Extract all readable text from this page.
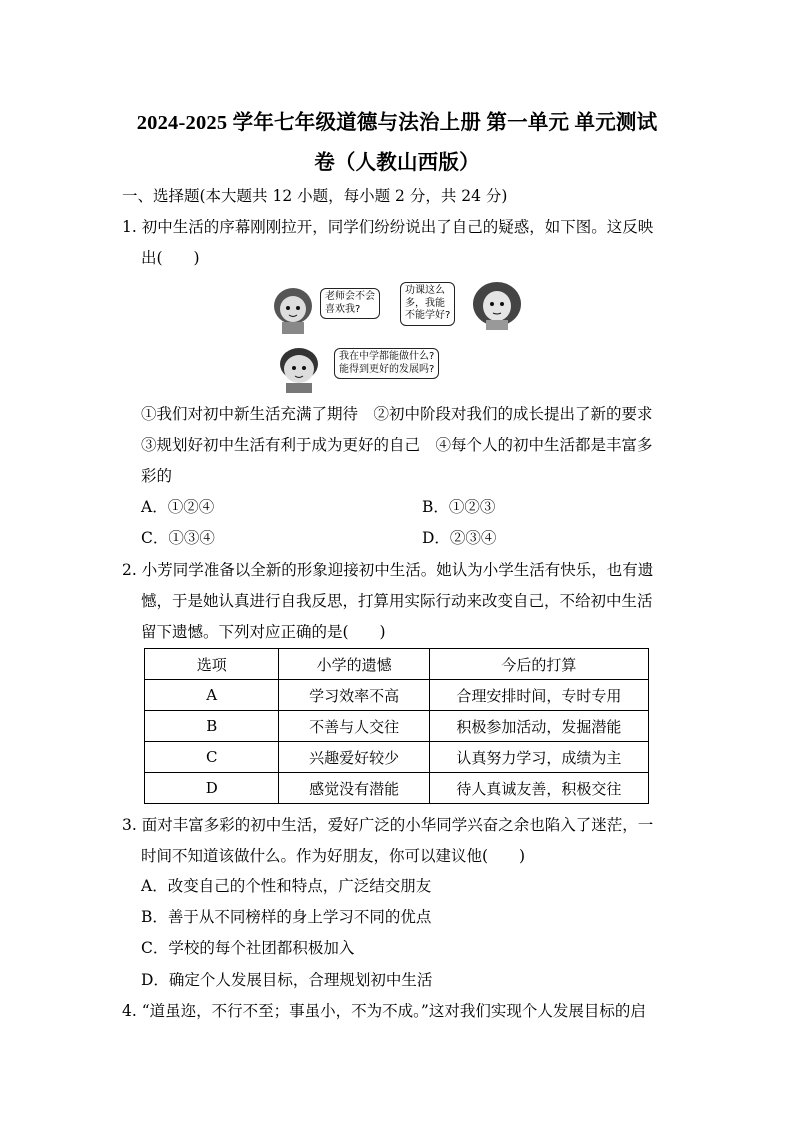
2024-2025 学年七年级道德与法治上册 第一单元 单元测试
卷（人教山西版）
一、选择题(本大题共 12 小题，每小题 2 分，共 24 分)
1. 初中生活的序幕刚刚拉开，同学们纷纷说出了自己的疑惑，如下图。这反映
出(　　)
老师会不会
喜欢我?
功课这么
多，我能
不能学好?
我在中学都能做什么?
能得到更好的发展吗?
①我们对初中新生活充满了期待　②初中阶段对我们的成长提出了新的要求
③规划好初中生活有利于成为更好的自己　④每个人的初中生活都是丰富多
彩的
A．①②④	B．①②③
C．①③④	D．②③④
2. 小芳同学准备以全新的形象迎接初中生活。她认为小学生活有快乐，也有遗
憾，于是她认真进行自我反思，打算用实际行动来改变自己，不给初中生活
留下遗憾。下列对应正确的是(　　)
选项	小学的遗憾	今后的打算
A	学习效率不高	合理安排时间，专时专用
B	不善与人交往	积极参加活动，发掘潜能
C	兴趣爱好较少	认真努力学习，成绩为主
D	感觉没有潜能	待人真诚友善，积极交往
3. 面对丰富多彩的初中生活，爱好广泛的小华同学兴奋之余也陷入了迷茫，一
时间不知道该做什么。作为好朋友，你可以建议他(　　)
A．改变自己的个性和特点，广泛结交朋友
B．善于从不同榜样的身上学习不同的优点
C．学校的每个社团都积极加入
D．确定个人发展目标，合理规划初中生活
4. “道虽迩，不行不至；事虽小，不为不成。”这对我们实现个人发展目标的启
